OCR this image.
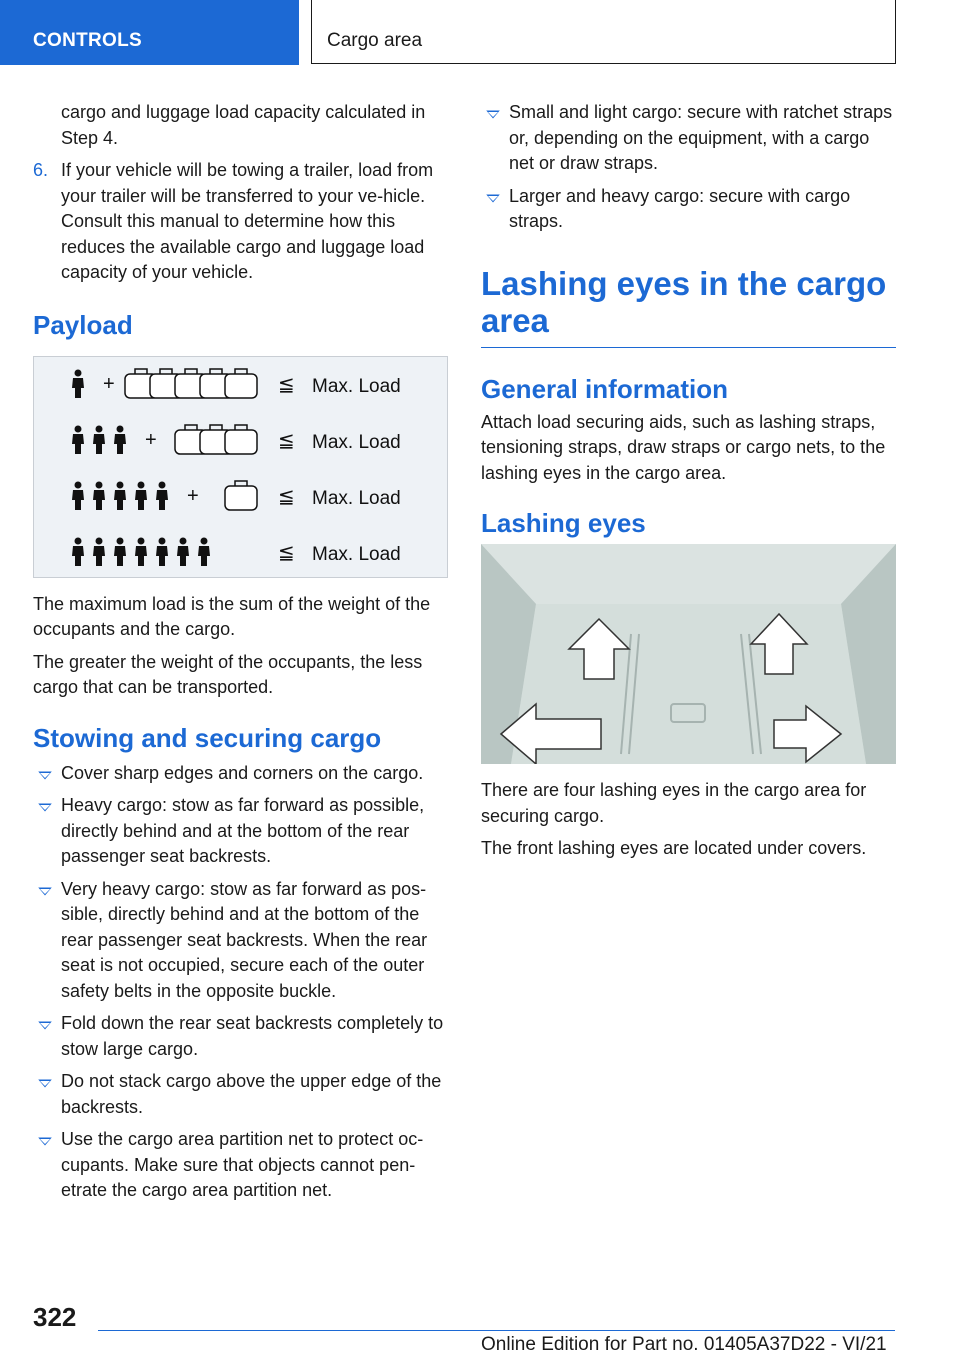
CONTROLS	Cargo area

cargo and luggage load capacity calculated in Step 4.

6. If your vehicle will be towing a trailer, load from your trailer will be transferred to your ve-hicle. Consult this manual to determine how this reduces the available cargo and luggage load capacity of your vehicle.
Payload
+	≦ Max. Load
+	≦ Max. Load
+	≦ Max. Load
≦ Max. Load

The maximum load is the sum of the weight of the occupants and the cargo.

The greater the weight of the occupants, the less cargo that can be transported.

Stowing and securing cargo
Cover sharp edges and corners on the cargo.
Heavy cargo: stow as far forward as possible, directly behind and at the bottom of the rear passenger seat backrests.
Very heavy cargo: stow as far forward as pos-sible, directly behind and at the bottom of the rear passenger seat backrests. When the rear seat is not occupied, secure each of the outer safety belts in the opposite buckle.
Fold down the rear seat backrests completely to stow large cargo.
Do not stack cargo above the upper edge of the backrests.
Use the cargo area partition net to protect oc-cupants. Make sure that objects cannot pen-etrate the cargo area partition net.
Small and light cargo: secure with ratchet straps or, depending on the equipment, with a cargo net or draw straps.
Larger and heavy cargo: secure with cargo straps.
Lashing eyes in the cargo area
General information

Attach load securing aids, such as lashing straps, tensioning straps, draw straps or cargo nets, to the lashing eyes in the cargo area.

Lashing eyes

There are four lashing eyes in the cargo area for securing cargo.

The front lashing eyes are located under covers.

322
Online Edition for Part no. 01405A37D22 - VI/21
